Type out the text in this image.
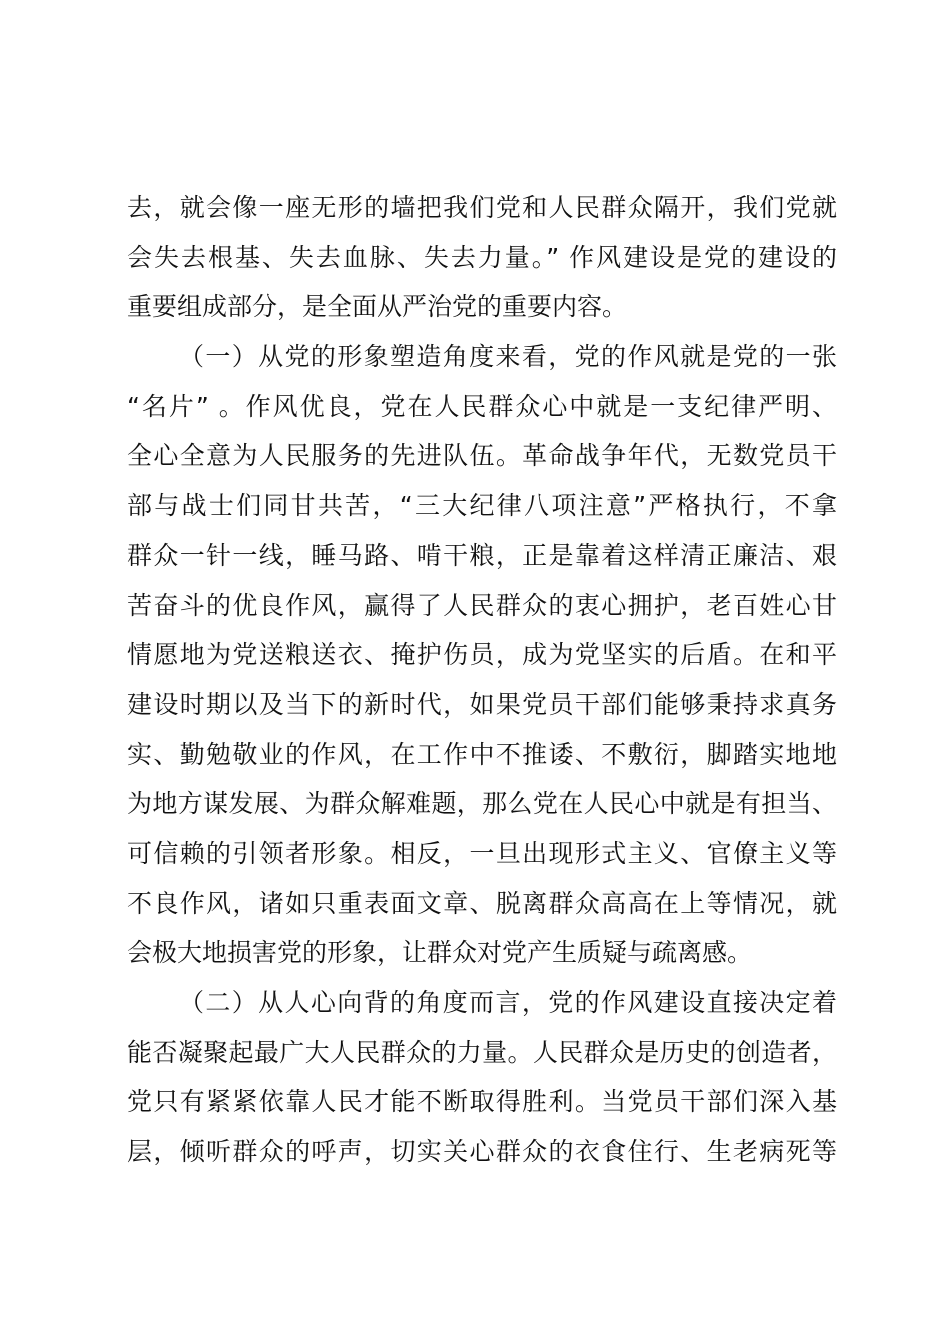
去，就会像一座无形的墙把我们党和人民群众隔开，我们党就

会失去根基、失去血脉、失去力量。” 作风建设是党的建设的

重要组成部分，是全面从严治党的重要内容。

（一）从党的形象塑造角度来看，党的作风就是党的一张

“名片” 。作风优良，党在人民群众心中就是一支纪律严明、

全心全意为人民服务的先进队伍。革命战争年代，无数党员干

部与战士们同甘共苦，“三大纪律八项注意”严格执行，不拿

群众一针一线，睡马路、啃干粮，正是靠着这样清正廉洁、艰

苦奋斗的优良作风，赢得了人民群众的衷心拥护，老百姓心甘

情愿地为党送粮送衣、掩护伤员，成为党坚实的后盾。在和平

建设时期以及当下的新时代，如果党员干部们能够秉持求真务

实、勤勉敬业的作风，在工作中不推诿、不敷衍，脚踏实地地

为地方谋发展、为群众解难题，那么党在人民心中就是有担当、

可信赖的引领者形象。相反，一旦出现形式主义、官僚主义等

不良作风，诸如只重表面文章、脱离群众高高在上等情况，就

会极大地损害党的形象，让群众对党产生质疑与疏离感。

（二）从人心向背的角度而言，党的作风建设直接决定着

能否凝聚起最广大人民群众的力量。人民群众是历史的创造者，

党只有紧紧依靠人民才能不断取得胜利。当党员干部们深入基

层，倾听群众的呼声，切实关心群众的衣食住行、生老病死等
